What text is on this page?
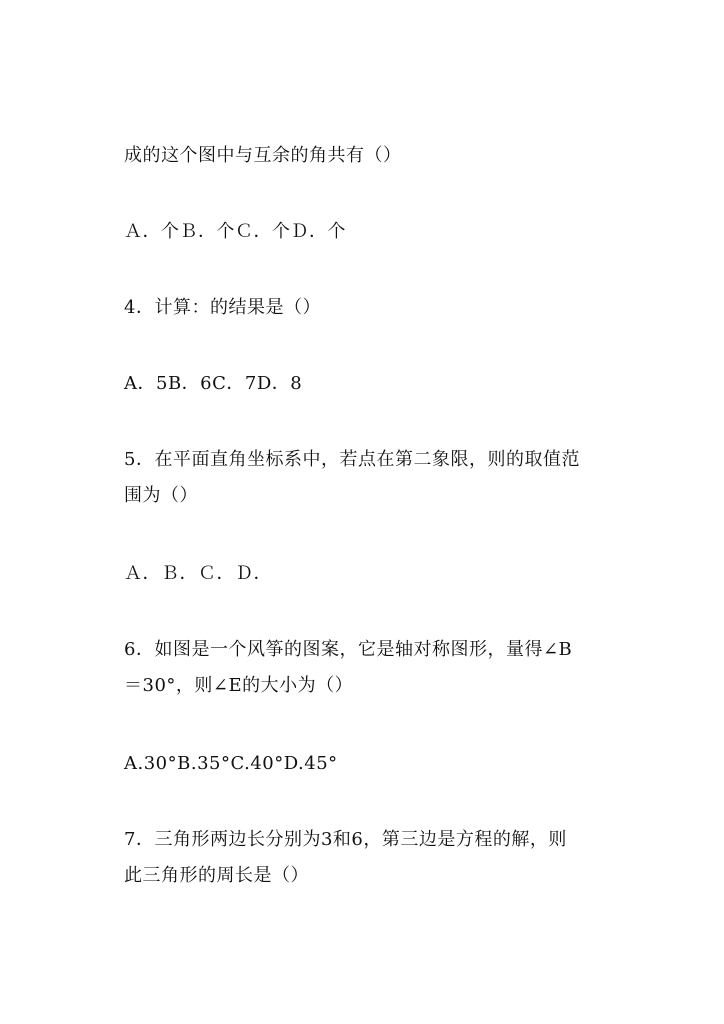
成的这个图中与互余的角共有（）
Ａ．个Ｂ．个Ｃ．个Ｄ．个
4．计算：的结果是（）
A．5B．6C．7D．8
5．在平面直角坐标系中，若点在第二象限，则的取值范
围为（）
Ａ．Ｂ．Ｃ．Ｄ．
6．如图是一个风筝的图案，它是轴对称图形，量得∠B
＝30°，则∠E的大小为（）
A.30°B.35°C.40°D.45°
7．三角形两边长分别为3和6，第三边是方程的解，则
此三角形的周长是（）
